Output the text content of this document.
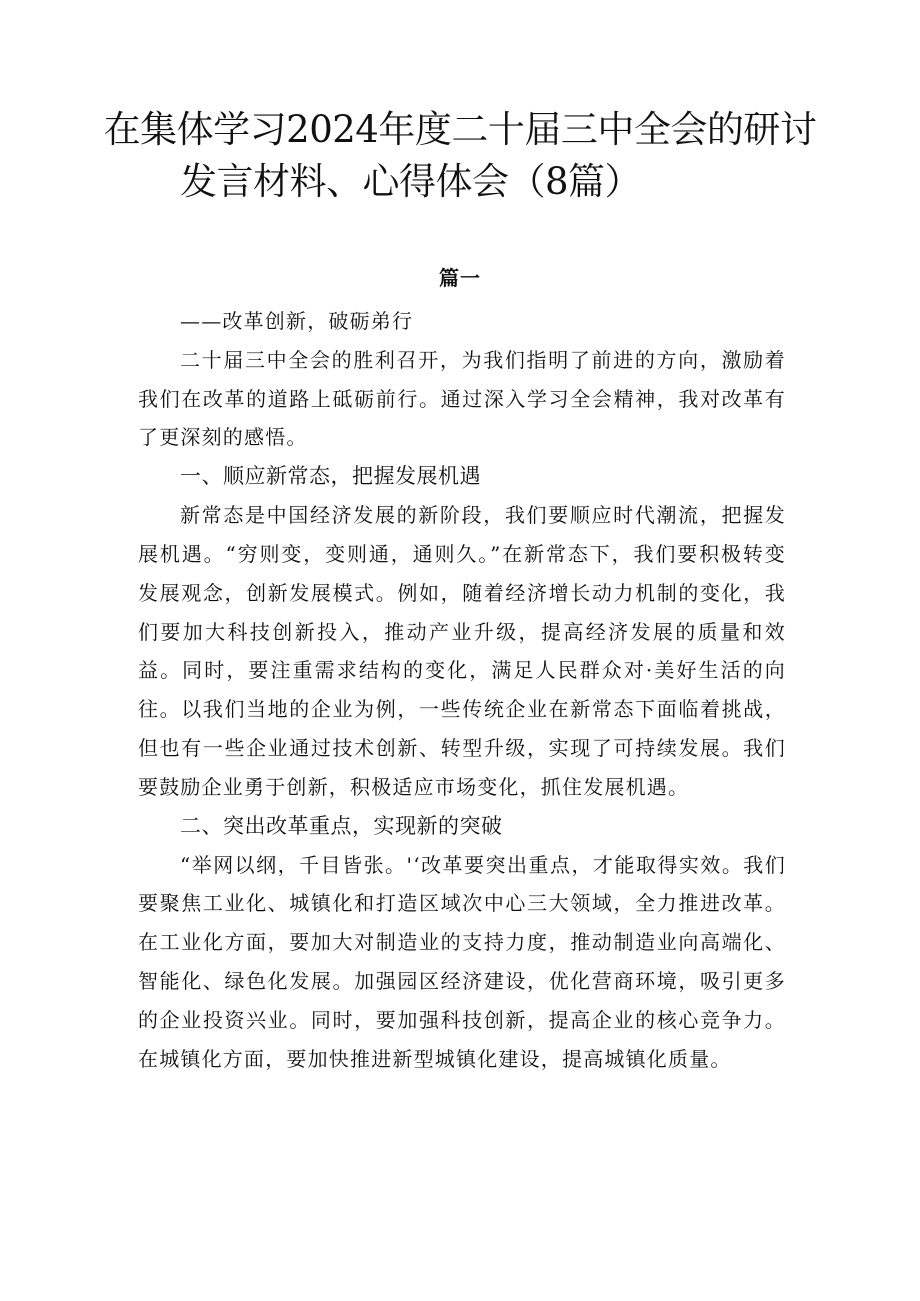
在集体学习2024年度二十届三中全会的研讨
发言材料、心得体会（8篇）
篇一

——改革创新，破砺弟行

二十届三中全会的胜利召开，为我们指明了前进的方向，激励着我们在改革的道路上砥砺前行。通过深入学习全会精神，我对改革有了更深刻的感悟。

一、顺应新常态，把握发展机遇

新常态是中国经济发展的新阶段，我们要顺应时代潮流，把握发展机遇。“穷则变，变则通，通则久。”在新常态下，我们要积极转变发展观念，创新发展模式。例如，随着经济增长动力机制的变化，我们要加大科技创新投入，推动产业升级，提高经济发展的质量和效益。同时，要注重需求结构的变化，满足人民群众对·美好生活的向往。以我们当地的企业为例，一些传统企业在新常态下面临着挑战，但也有一些企业通过技术创新、转型升级，实现了可持续发展。我们要鼓励企业勇于创新，积极适应市场变化，抓住发展机遇。

二、突出改革重点，实现新的突破

“举网以纲，千目皆张。'‘改革要突出重点，才能取得实效。我们要聚焦工业化、城镇化和打造区域次中心三大领域，全力推进改革。在工业化方面，要加大对制造业的支持力度，推动制造业向高端化、智能化、绿色化发展。加强园区经济建设，优化营商环境，吸引更多的企业投资兴业。同时，要加强科技创新，提高企业的核心竞争力。在城镇化方面，要加快推进新型城镇化建设，提高城镇化质量。
